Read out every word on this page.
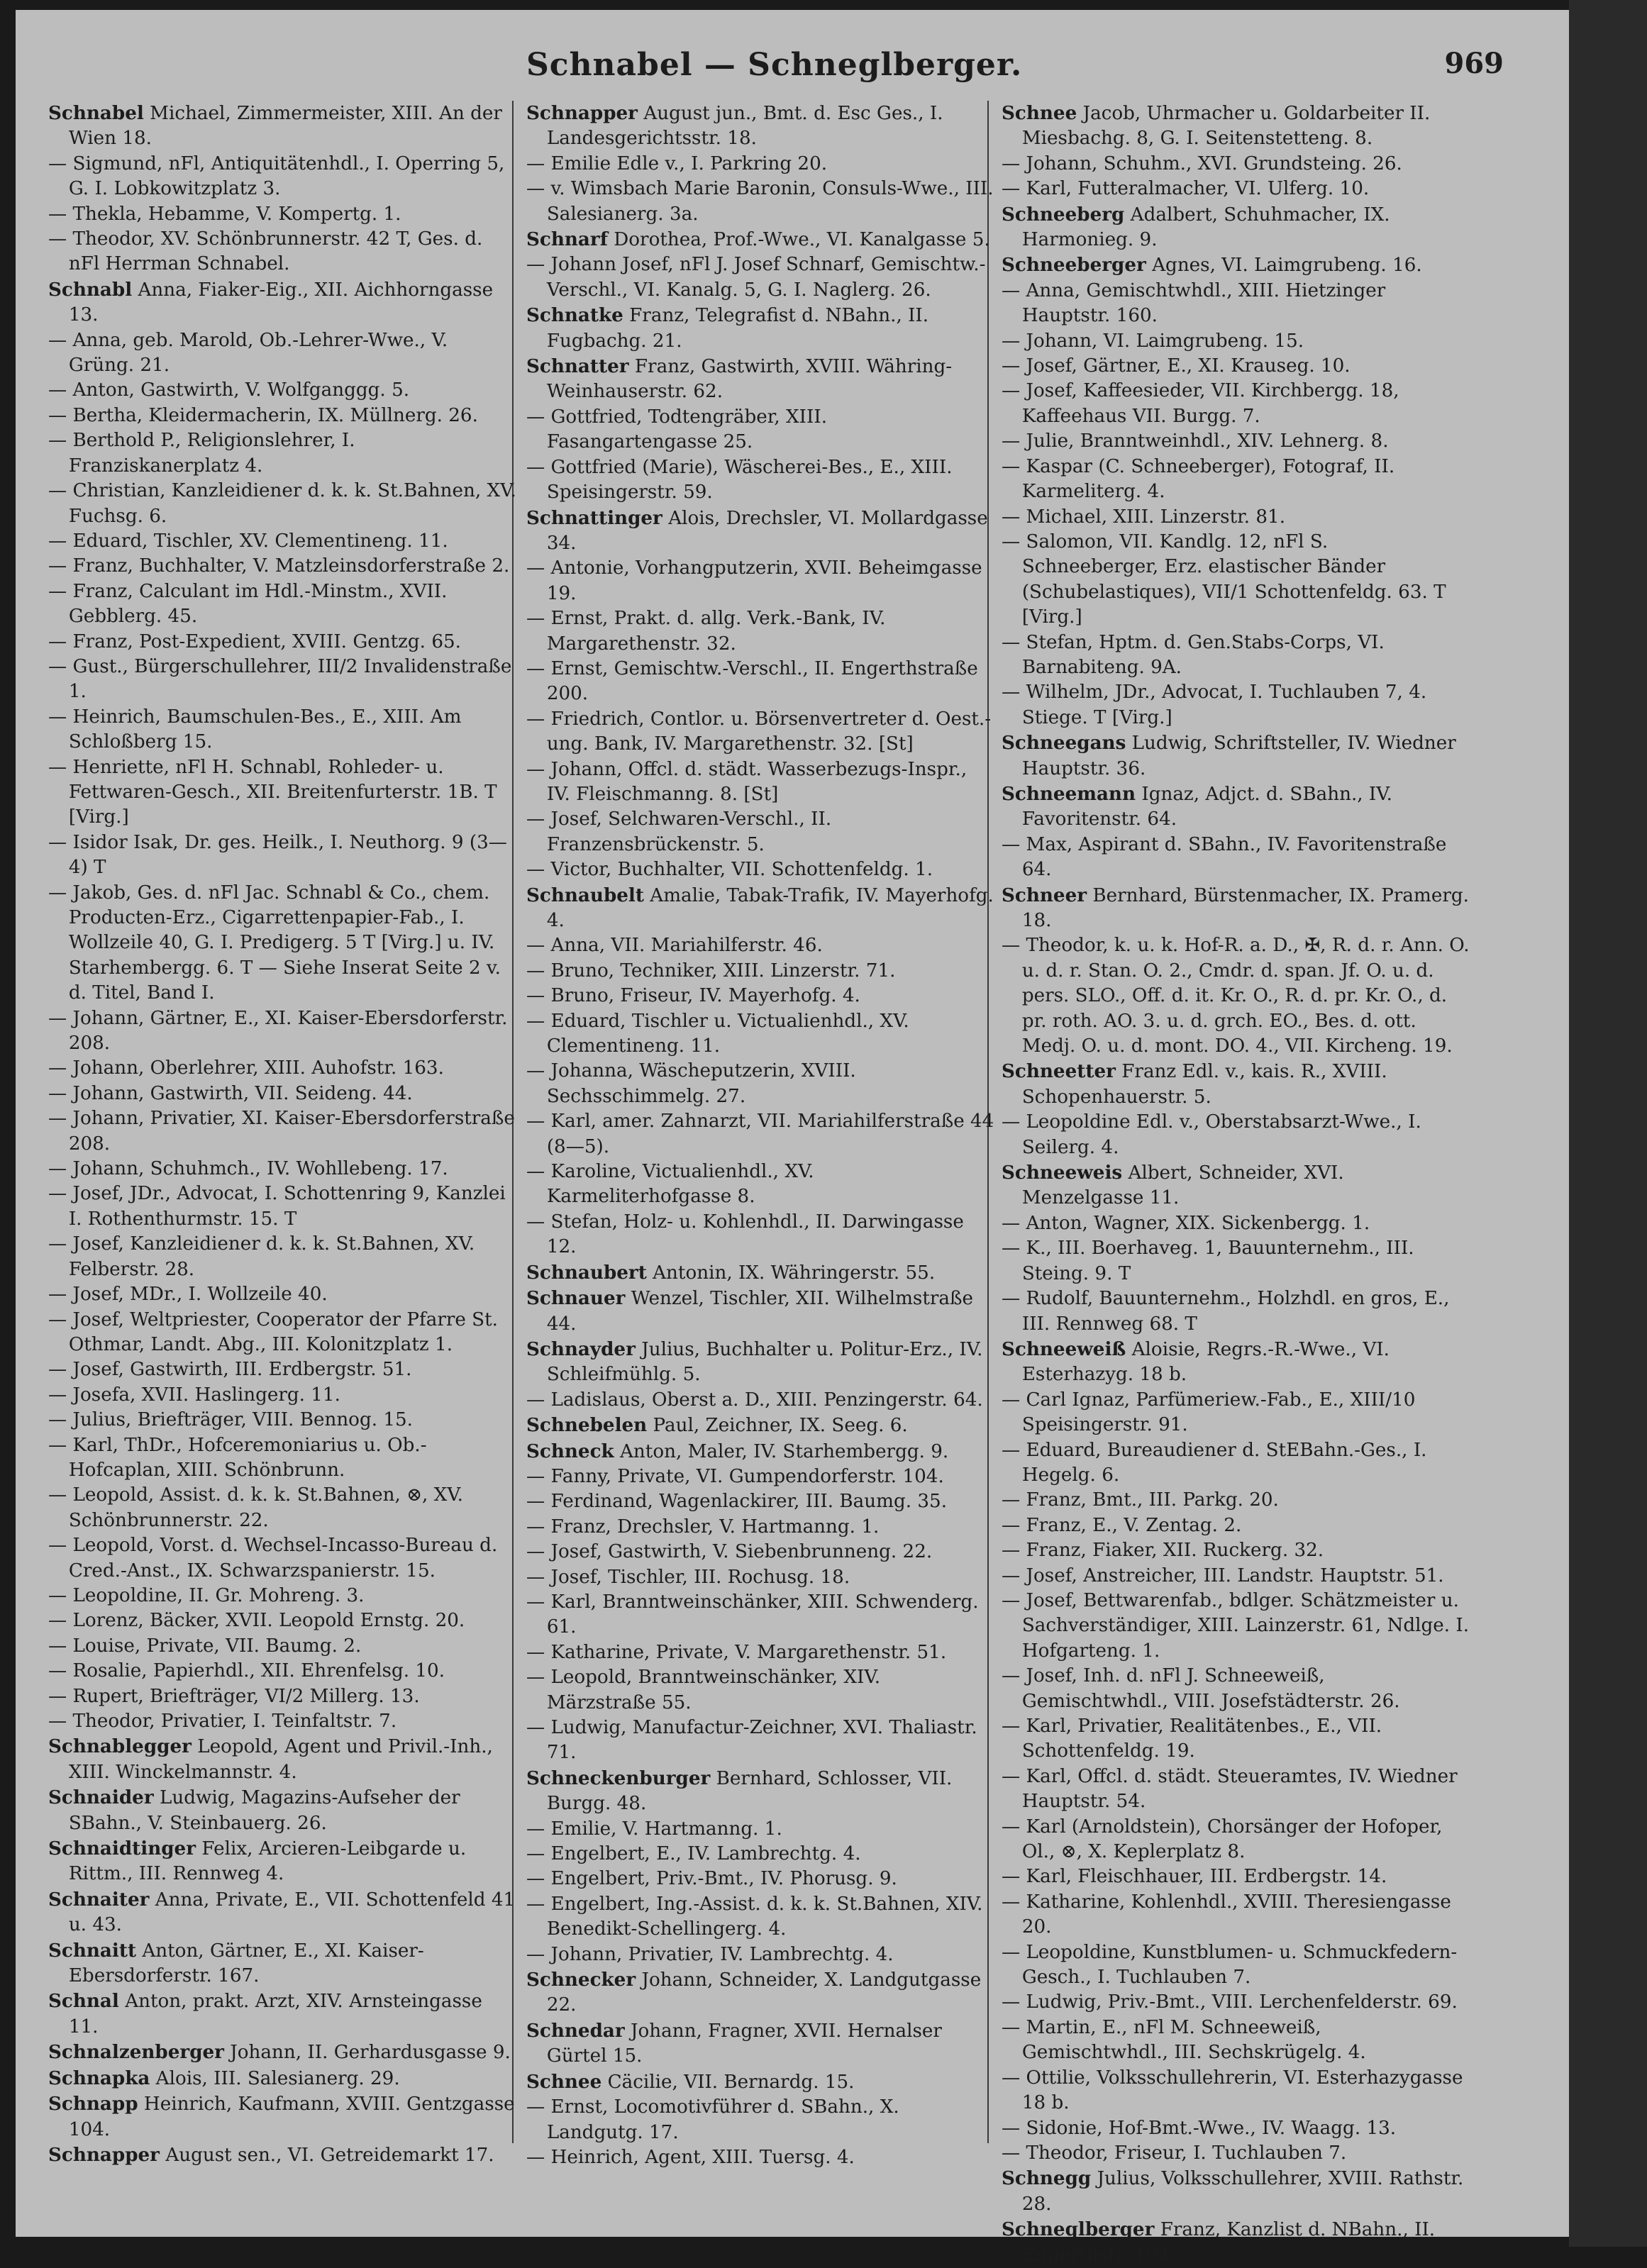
Schnabel — Schneglberger.	969

Schnabel Michael, Zimmermeister, XIII. An der Wien 18.

— Sigmund, nFl, Antiquitätenhdl., I. Operring 5, G. I. Lobkowitzplatz 3.

— Thekla, Hebamme, V. Kompertg. 1.

— Theodor, XV. Schönbrunnerstr. 42 T, Ges. d. nFl Herrman Schnabel.

Schnabl Anna, Fiaker-Eig., XII. Aichhorngasse 13.

— Anna, geb. Marold, Ob.-Lehrer-Wwe., V. Grüng. 21.

— Anton, Gastwirth, V. Wolfganggg. 5.

— Bertha, Kleidermacherin, IX. Müllnerg. 26.

— Berthold P., Religionslehrer, I. Franziskanerplatz 4.

— Christian, Kanzleidiener d. k. k. St.Bahnen, XV. Fuchsg. 6.

— Eduard, Tischler, XV. Clementineng. 11.

— Franz, Buchhalter, V. Matzleinsdorferstraße 2.

— Franz, Calculant im Hdl.-Minstm., XVII. Gebblerg. 45.

— Franz, Post-Expedient, XVIII. Gentzg. 65.

— Gust., Bürgerschullehrer, III/2 Invalidenstraße 1.

— Heinrich, Baumschulen-Bes., E., XIII. Am Schloßberg 15.

— Henriette, nFl H. Schnabl, Rohleder- u. Fettwaren-Gesch., XII. Breitenfurterstr. 1B. T [Virg.]

— Isidor Isak, Dr. ges. Heilk., I. Neuthorg. 9 (3—4) T

— Jakob, Ges. d. nFl Jac. Schnabl & Co., chem. Producten-Erz., Cigarrettenpapier-Fab., I. Wollzeile 40, G. I. Predigerg. 5 T [Virg.] u. IV. Starhembergg. 6. T — Siehe Inserat Seite 2 v. d. Titel, Band I.

— Johann, Gärtner, E., XI. Kaiser-Ebersdorferstr. 208.

— Johann, Oberlehrer, XIII. Auhofstr. 163.

— Johann, Gastwirth, VII. Seideng. 44.

— Johann, Privatier, XI. Kaiser-Ebersdorferstraße 208.

— Johann, Schuhmch., IV. Wohllebeng. 17.

— Josef, JDr., Advocat, I. Schottenring 9, Kanzlei I. Rothenthurmstr. 15. T

— Josef, Kanzleidiener d. k. k. St.Bahnen, XV. Felberstr. 28.

— Josef, MDr., I. Wollzeile 40.

— Josef, Weltpriester, Cooperator der Pfarre St. Othmar, Landt. Abg., III. Kolonitzplatz 1.

— Josef, Gastwirth, III. Erdbergstr. 51.

— Josefa, XVII. Haslingerg. 11.

— Julius, Briefträger, VIII. Bennog. 15.

— Karl, ThDr., Hofceremoniarius u. Ob.-Hofcaplan, XIII. Schönbrunn.

— Leopold, Assist. d. k. k. St.Bahnen, ⊗, XV. Schönbrunnerstr. 22.

— Leopold, Vorst. d. Wechsel-Incasso-Bureau d. Cred.-Anst., IX. Schwarzspanierstr. 15.

— Leopoldine, II. Gr. Mohreng. 3.

— Lorenz, Bäcker, XVII. Leopold Ernstg. 20.

— Louise, Private, VII. Baumg. 2.

— Rosalie, Papierhdl., XII. Ehrenfelsg. 10.

— Rupert, Briefträger, VI/2 Millerg. 13.

— Theodor, Privatier, I. Teinfaltstr. 7.

Schnablegger Leopold, Agent und Privil.-Inh., XIII. Winckelmannstr. 4.

Schnaider Ludwig, Magazins-Aufseher der SBahn., V. Steinbauerg. 26.

Schnaidtinger Felix, Arcieren-Leibgarde u. Rittm., III. Rennweg 4.

Schnaiter Anna, Private, E., VII. Schottenfeld 41 u. 43.

Schnaitt Anton, Gärtner, E., XI. Kaiser-Ebersdorferstr. 167.

Schnal Anton, prakt. Arzt, XIV. Arnsteingasse 11.

Schnalzenberger Johann, II. Gerhardusgasse 9.

Schnapka Alois, III. Salesianerg. 29.

Schnapp Heinrich, Kaufmann, XVIII. Gentzgasse 104.

Schnapper August sen., VI. Getreidemarkt 17.

Schnapper August jun., Bmt. d. Esc Ges., I. Landesgerichtsstr. 18.

— Emilie Edle v., I. Parkring 20.

— v. Wimsbach Marie Baronin, Consuls-Wwe., III. Salesianerg. 3a.

Schnarf Dorothea, Prof.-Wwe., VI. Kanalgasse 5.

— Johann Josef, nFl J. Josef Schnarf, Gemischtw.-Verschl., VI. Kanalg. 5, G. I. Naglerg. 26.

Schnatke Franz, Telegrafist d. NBahn., II. Fugbachg. 21.

Schnatter Franz, Gastwirth, XVIII. Währing-Weinhauserstr. 62.

— Gottfried, Todtengräber, XIII. Fasangartengasse 25.

— Gottfried (Marie), Wäscherei-Bes., E., XIII. Speisingerstr. 59.

Schnattinger Alois, Drechsler, VI. Mollardgasse 34.

— Antonie, Vorhangputzerin, XVII. Beheimgasse 19.

— Ernst, Prakt. d. allg. Verk.-Bank, IV. Margarethenstr. 32.

— Ernst, Gemischtw.-Verschl., II. Engerthstraße 200.

— Friedrich, Contlor. u. Börsenvertreter d. Oest.-ung. Bank, IV. Margarethenstr. 32. [St]

— Johann, Offcl. d. städt. Wasserbezugs-Inspr., IV. Fleischmanng. 8. [St]

— Josef, Selchwaren-Verschl., II. Franzensbrückenstr. 5.

— Victor, Buchhalter, VII. Schottenfeldg. 1.

Schnaubelt Amalie, Tabak-Trafik, IV. Mayerhofg. 4.

— Anna, VII. Mariahilferstr. 46.

— Bruno, Techniker, XIII. Linzerstr. 71.

— Bruno, Friseur, IV. Mayerhofg. 4.

— Eduard, Tischler u. Victualienhdl., XV. Clementineng. 11.

— Johanna, Wäscheputzerin, XVIII. Sechsschimmelg. 27.

— Karl, amer. Zahnarzt, VII. Mariahilferstraße 44 (8—5).

— Karoline, Victualienhdl., XV. Karmeliterhofgasse 8.

— Stefan, Holz- u. Kohlenhdl., II. Darwingasse 12.

Schnaubert Antonin, IX. Währingerstr. 55.

Schnauer Wenzel, Tischler, XII. Wilhelmstraße 44.

Schnayder Julius, Buchhalter u. Politur-Erz., IV. Schleifmühlg. 5.

— Ladislaus, Oberst a. D., XIII. Penzingerstr. 64.

Schnebelen Paul, Zeichner, IX. Seeg. 6.

Schneck Anton, Maler, IV. Starhembergg. 9.

— Fanny, Private, VI. Gumpendorferstr. 104.

— Ferdinand, Wagenlackirer, III. Baumg. 35.

— Franz, Drechsler, V. Hartmanng. 1.

— Josef, Gastwirth, V. Siebenbrunneng. 22.

— Josef, Tischler, III. Rochusg. 18.

— Karl, Branntweinschänker, XIII. Schwenderg. 61.

— Katharine, Private, V. Margarethenstr. 51.

— Leopold, Branntweinschänker, XIV. Märzstraße 55.

— Ludwig, Manufactur-Zeichner, XVI. Thaliastr. 71.

Schneckenburger Bernhard, Schlosser, VII. Burgg. 48.

— Emilie, V. Hartmanng. 1.

— Engelbert, E., IV. Lambrechtg. 4.

— Engelbert, Priv.-Bmt., IV. Phorusg. 9.

— Engelbert, Ing.-Assist. d. k. k. St.Bahnen, XIV. Benedikt-Schellingerg. 4.

— Johann, Privatier, IV. Lambrechtg. 4.

Schnecker Johann, Schneider, X. Landgutgasse 22.

Schnedar Johann, Fragner, XVII. Hernalser Gürtel 15.

Schnee Cäcilie, VII. Bernardg. 15.

— Ernst, Locomotivführer d. SBahn., X. Landgutg. 17.

— Heinrich, Agent, XIII. Tuersg. 4.

Schnee Jacob, Uhrmacher u. Goldarbeiter II. Miesbachg. 8, G. I. Seitenstetteng. 8.

— Johann, Schuhm., XVI. Grundsteing. 26.

— Karl, Futteralmacher, VI. Ulferg. 10.

Schneeberg Adalbert, Schuhmacher, IX. Harmonieg. 9.

Schneeberger Agnes, VI. Laimgrubeng. 16.

— Anna, Gemischtwhdl., XIII. Hietzinger Hauptstr. 160.

— Johann, VI. Laimgrubeng. 15.

— Josef, Gärtner, E., XI. Krauseg. 10.

— Josef, Kaffeesieder, VII. Kirchbergg. 18, Kaffeehaus VII. Burgg. 7.

— Julie, Branntweinhdl., XIV. Lehnerg. 8.

— Kaspar (C. Schneeberger), Fotograf, II. Karmeliterg. 4.

— Michael, XIII. Linzerstr. 81.

— Salomon, VII. Kandlg. 12, nFl S. Schneeberger, Erz. elastischer Bänder (Schubelastiques), VII/1 Schottenfeldg. 63. T [Virg.]

— Stefan, Hptm. d. Gen.Stabs-Corps, VI. Barnabiteng. 9A.

— Wilhelm, JDr., Advocat, I. Tuchlauben 7, 4. Stiege. T [Virg.]

Schneegans Ludwig, Schriftsteller, IV. Wiedner Hauptstr. 36.

Schneemann Ignaz, Adjct. d. SBahn., IV. Favoritenstr. 64.

— Max, Aspirant d. SBahn., IV. Favoritenstraße 64.

Schneer Bernhard, Bürstenmacher, IX. Pramerg. 18.

— Theodor, k. u. k. Hof-R. a. D., ✠, R. d. r. Ann. O. u. d. r. Stan. O. 2., Cmdr. d. span. Jf. O. u. d. pers. SLO., Off. d. it. Kr. O., R. d. pr. Kr. O., d. pr. roth. AO. 3. u. d. grch. EO., Bes. d. ott. Medj. O. u. d. mont. DO. 4., VII. Kircheng. 19.

Schneetter Franz Edl. v., kais. R., XVIII. Schopenhauerstr. 5.

— Leopoldine Edl. v., Oberstabsarzt-Wwe., I. Seilerg. 4.

Schneeweis Albert, Schneider, XVI. Menzelgasse 11.

— Anton, Wagner, XIX. Sickenbergg. 1.

— K., III. Boerhaveg. 1, Bauunternehm., III. Steing. 9. T

— Rudolf, Bauunternehm., Holzhdl. en gros, E., III. Rennweg 68. T

Schneeweiß Aloisie, Regrs.-R.-Wwe., VI. Esterhazyg. 18 b.

— Carl Ignaz, Parfümeriew.-Fab., E., XIII/10 Speisingerstr. 91.

— Eduard, Bureaudiener d. StEBahn.-Ges., I. Hegelg. 6.

— Franz, Bmt., III. Parkg. 20.

— Franz, E., V. Zentag. 2.

— Franz, Fiaker, XII. Ruckerg. 32.

— Josef, Anstreicher, III. Landstr. Hauptstr. 51.

— Josef, Bettwarenfab., bdlger. Schätzmeister u. Sachverständiger, XIII. Lainzerstr. 61, Ndlge. I. Hofgarteng. 1.

— Josef, Inh. d. nFl J. Schneeweiß, Gemischtwhdl., VIII. Josefstädterstr. 26.

— Karl, Privatier, Realitätenbes., E., VII. Schottenfeldg. 19.

— Karl, Offcl. d. städt. Steueramtes, IV. Wiedner Hauptstr. 54.

— Karl (Arnoldstein), Chorsänger der Hofoper, Ol., ⊗, X. Keplerplatz 8.

— Karl, Fleischhauer, III. Erdbergstr. 14.

— Katharine, Kohlenhdl., XVIII. Theresiengasse 20.

— Leopoldine, Kunstblumen- u. Schmuckfedern-Gesch., I. Tuchlauben 7.

— Ludwig, Priv.-Bmt., VIII. Lerchenfelderstr. 69.

— Martin, E., nFl M. Schneeweiß, Gemischtwhdl., III. Sechskrügelg. 4.

— Ottilie, Volksschullehrerin, VI. Esterhazygasse 18 b.

— Sidonie, Hof-Bmt.-Wwe., IV. Waagg. 13.

— Theodor, Friseur, I. Tuchlauben 7.

Schnegg Julius, Volksschullehrer, XVIII. Rathstr. 28.

Schneglberger Franz, Kanzlist d. NBahn., II. Engerthstr. 194.
